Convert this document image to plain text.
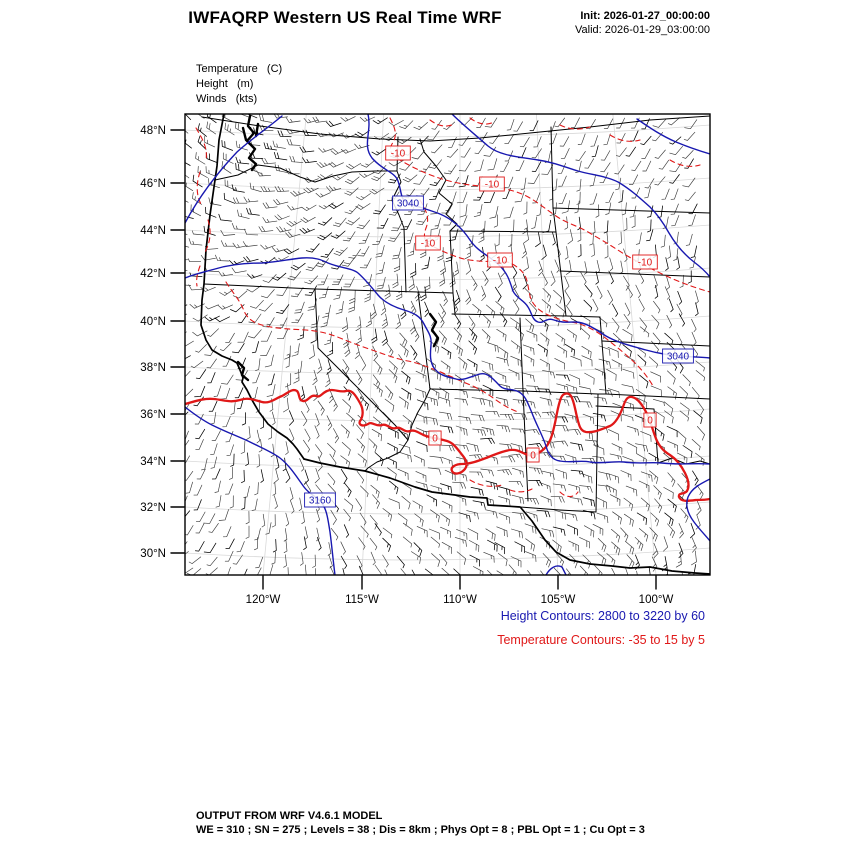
3040
3040
3160
-10
-10
-10
-10	-10
0
0
0
48°N
46°N
44°N
42°N
40°N
38°N
36°N
34°N
32°N
30°N
120°W	115°W	110°W	105°W	100°W
IWFAQRP Western US Real Time WRF	Init: 2026-01-27_00:00:00
Valid: 2026-01-29_03:00:00
Temperature   (C)
Height   (m)
Winds   (kts)
Height Contours: 2800 to 3220 by 60
Temperature Contours: -35 to 15 by 5
OUTPUT FROM WRF V4.6.1 MODEL
WE = 310 ; SN = 275 ; Levels = 38 ; Dis = 8km ; Phys Opt = 8 ; PBL Opt = 1 ; Cu Opt = 3
